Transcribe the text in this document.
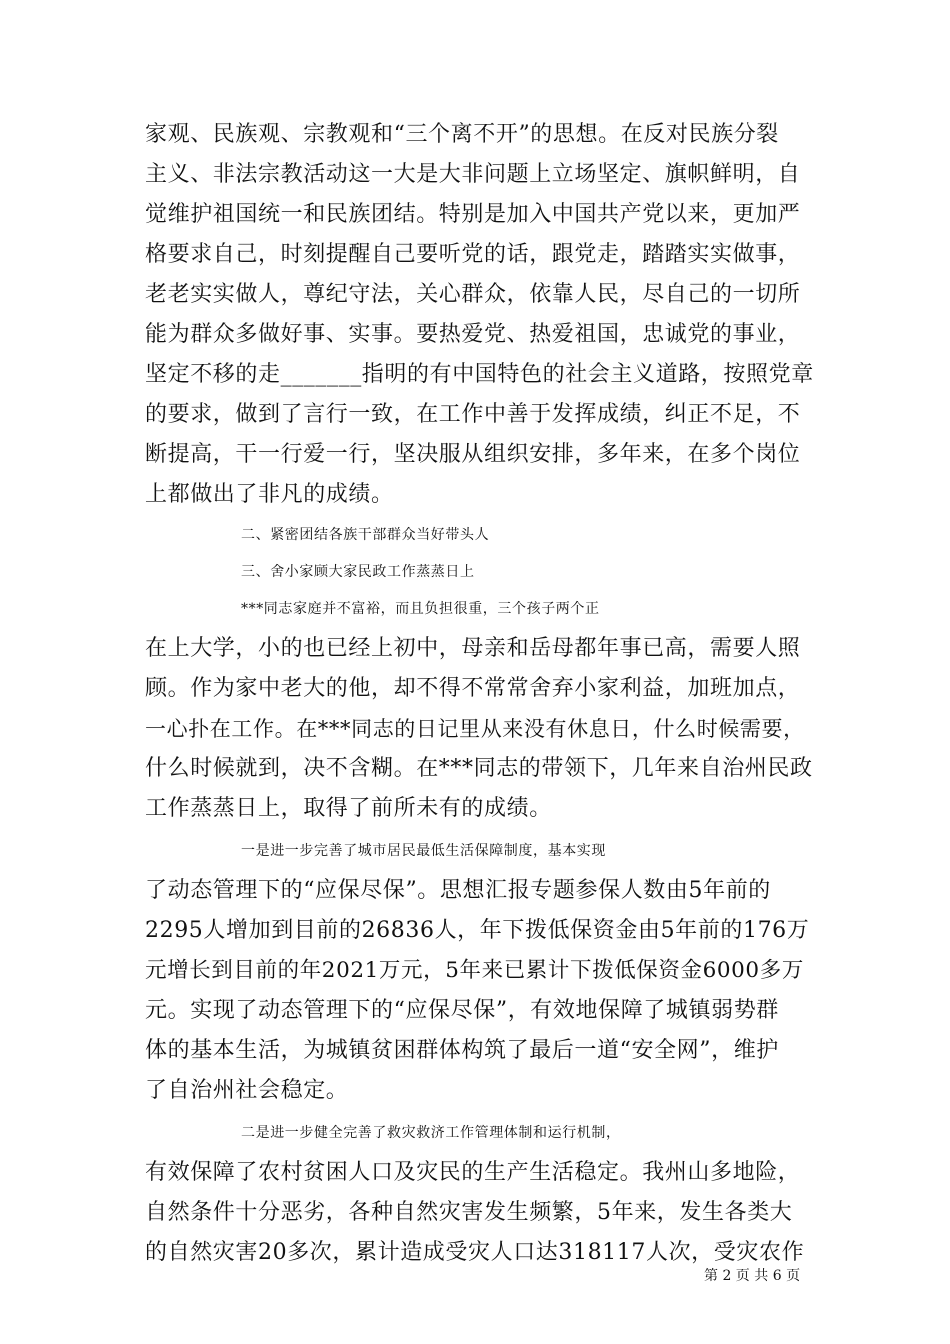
家观、民族观、宗教观和“三个离不开”的思想。在反对民族分裂
主义、非法宗教活动这一大是大非问题上立场坚定、旗帜鲜明，自
觉维护祖国统一和民族团结。特别是加入中国共产党以来，更加严
格要求自己，时刻提醒自己要听党的话，跟党走，踏踏实实做事，
老老实实做人，尊纪守法，关心群众，依靠人民，尽自己的一切所
能为群众多做好事、实事。要热爱党、热爱祖国，忠诚党的事业，
坚定不移的走_______指明的有中国特色的社会主义道路，按照党章
的要求，做到了言行一致，在工作中善于发挥成绩，纠正不足，不
断提高，干一行爱一行，坚决服从组织安排，多年来，在多个岗位
上都做出了非凡的成绩。
二、紧密团结各族干部群众当好带头人
三、舍小家顾大家民政工作蒸蒸日上
***同志家庭并不富裕，而且负担很重，三个孩子两个正
在上大学，小的也已经上初中，母亲和岳母都年事已高，需要人照
顾。作为家中老大的他，却不得不常常舍弃小家利益，加班加点，
一心扑在工作。在***同志的日记里从来没有休息日，什么时候需要，
什么时候就到，决不含糊。在***同志的带领下，几年来自治州民政
工作蒸蒸日上，取得了前所未有的成绩。
一是进一步完善了城市居民最低生活保障制度，基本实现
了动态管理下的“应保尽保”。思想汇报专题参保人数由5年前的
2295人增加到目前的26836人，年下拨低保资金由5年前的176万
元增长到目前的年2021万元，5年来已累计下拨低保资金6000多万
元。实现了动态管理下的“应保尽保”，有效地保障了城镇弱势群
体的基本生活，为城镇贫困群体构筑了最后一道“安全网”，维护
了自治州社会稳定。
二是进一步健全完善了救灾救济工作管理体制和运行机制，
有效保障了农村贫困人口及灾民的生产生活稳定。我州山多地险，
自然条件十分恶劣，各种自然灾害发生频繁，5年来，发生各类大
的自然灾害20多次，累计造成受灾人口达318117人次，受灾农作
第 2 页 共 6 页
